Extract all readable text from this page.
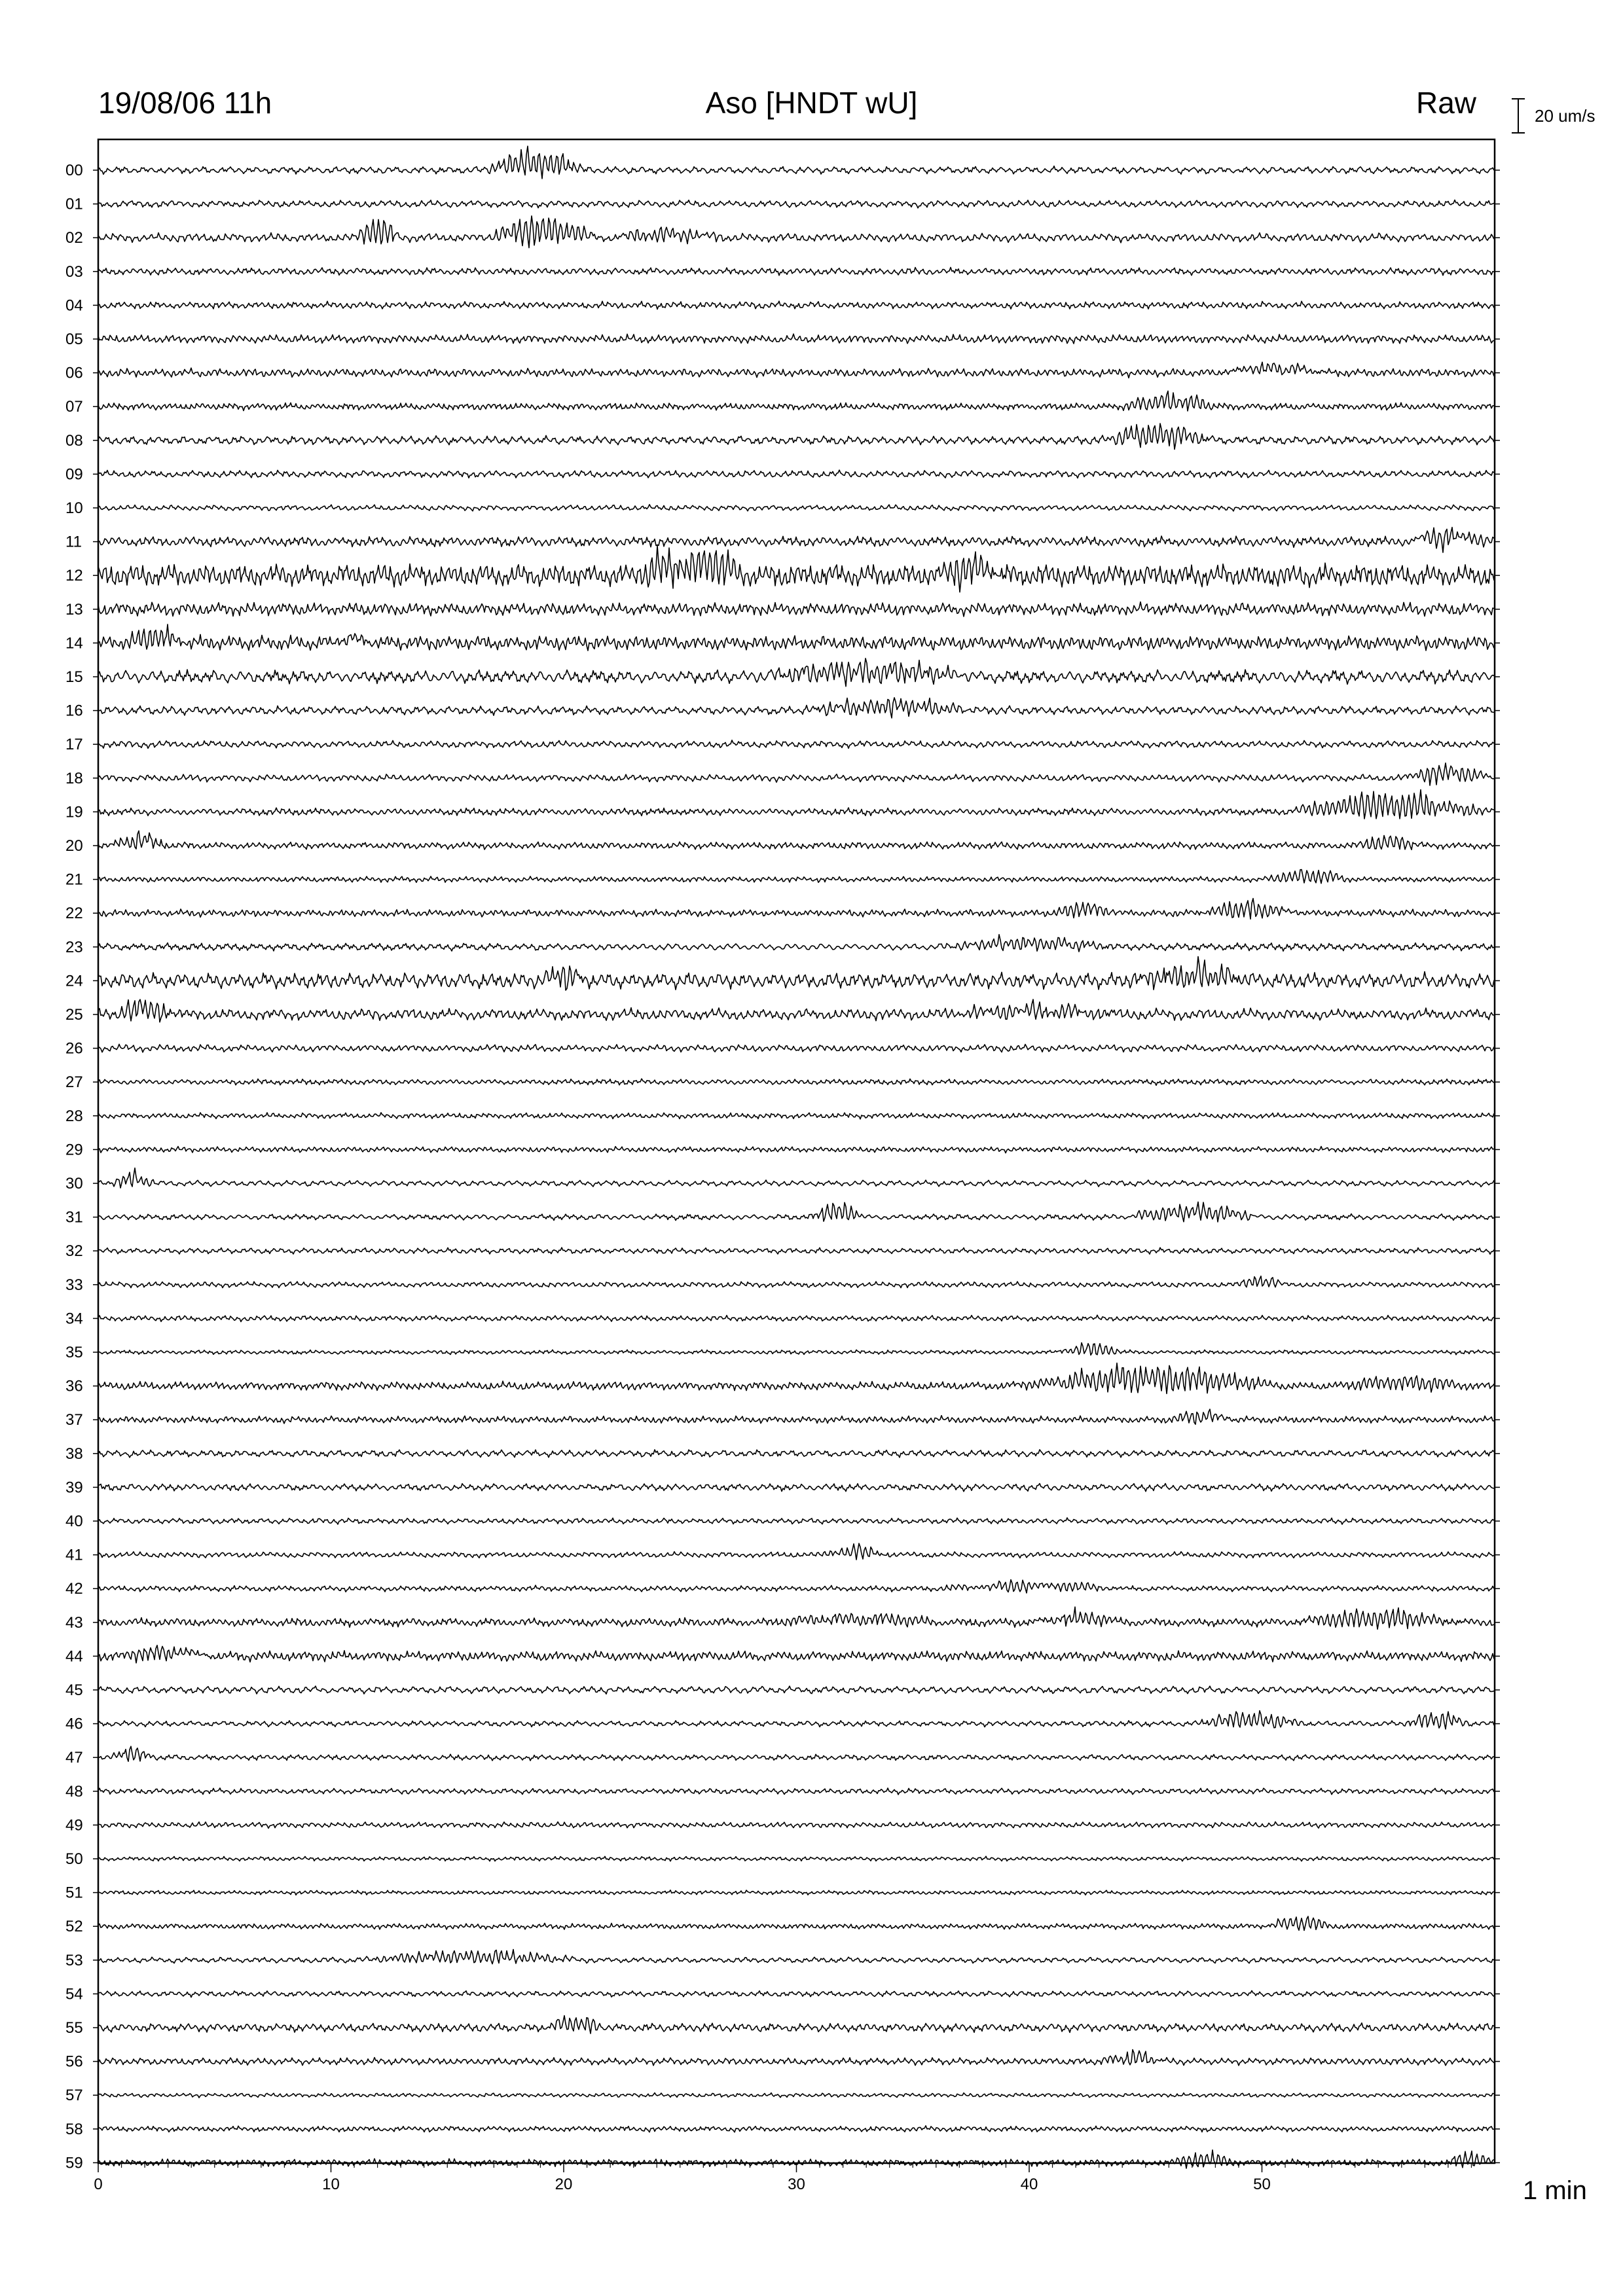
19/08/06 11h	Aso [HNDT wU]	Raw	20 um/s
1 min
00
01
02
03
04
05
06
07
08
09
10
11
12
13
14
15
16
17
18
19
20
21
22
23
24
25
26
27
28
29
30
31
32
33
34
35
36
37
38
39
40
41
42
43
44
45
46
47
48
49
50
51
52
53
54
55
56
57
58
59
0	10	20	30	40	50
